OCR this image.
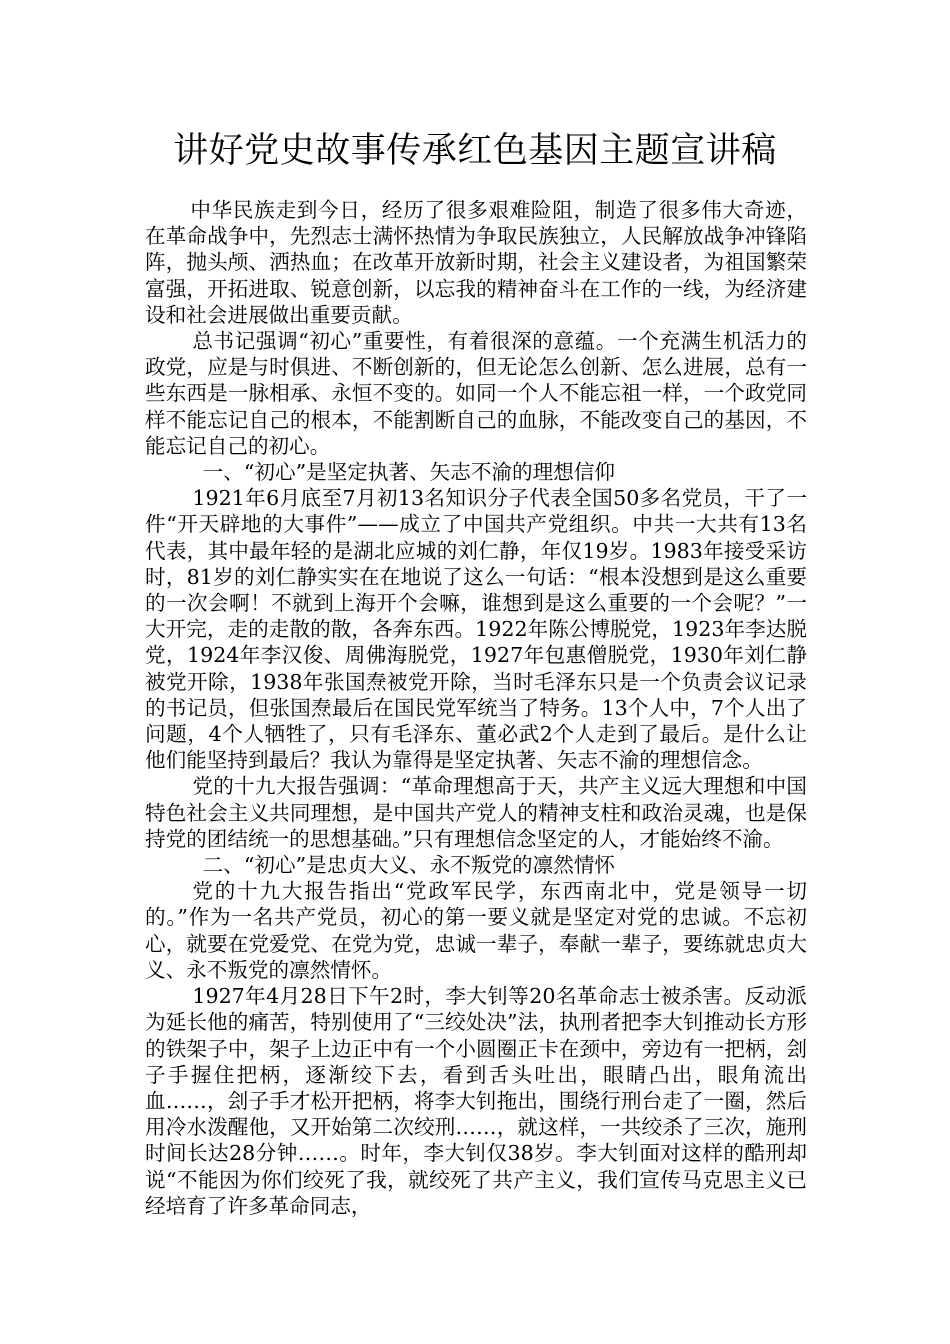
讲好党史故事传承红色基因主题宣讲稿

中华民族走到今日，经历了很多艰难险阻，制造了很多伟大奇迹，在革命战争中，先烈志士满怀热情为争取民族独立，人民解放战争冲锋陷阵，抛头颅、洒热血；在改革开放新时期，社会主义建设者，为祖国繁荣富强，开拓进取、锐意创新，以忘我的精神奋斗在工作的一线，为经济建设和社会进展做出重要贡献。

总书记强调“初心”重要性，有着很深的意蕴。一个充满生机活力的政党，应是与时俱进、不断创新的，但无论怎么创新、怎么进展，总有一些东西是一脉相承、永恒不变的。如同一个人不能忘祖一样，一个政党同样不能忘记自己的根本，不能割断自己的血脉，不能改变自己的基因，不能忘记自己的初心。

一、“初心”是坚定执著、矢志不渝的理想信仰

1921年6月底至7月初13名知识分子代表全国50多名党员，干了一件“开天辟地的大事件”——成立了中国共产党组织。中共一大共有13名代表，其中最年轻的是湖北应城的刘仁静，年仅19岁。1983年接受采访时，81岁的刘仁静实实在在地说了这么一句话：“根本没想到是这么重要的一次会啊！不就到上海开个会嘛，谁想到是这么重要的一个会呢？”一大开完，走的走散的散，各奔东西。1922年陈公博脱党，1923年李达脱党，1924年李汉俊、周佛海脱党，1927年包惠僧脱党，1930年刘仁静被党开除，1938年张国焘被党开除，当时毛泽东只是一个负责会议记录的书记员，但张国焘最后在国民党军统当了特务。13个人中，7个人出了问题，4个人牺牲了，只有毛泽东、董必武2个人走到了最后。是什么让他们能坚持到最后？我认为靠得是坚定执著、矢志不渝的理想信念。

党的十九大报告强调：“革命理想高于天，共产主义远大理想和中国特色社会主义共同理想，是中国共产党人的精神支柱和政治灵魂，也是保持党的团结统一的思想基础。”只有理想信念坚定的人，才能始终不渝。

二、“初心”是忠贞大义、永不叛党的凛然情怀

党的十九大报告指出“党政军民学，东西南北中，党是领导一切的。”作为一名共产党员，初心的第一要义就是坚定对党的忠诚。不忘初心，就要在党爱党、在党为党，忠诚一辈子，奉献一辈子，要练就忠贞大义、永不叛党的凛然情怀。

1927年4月28日下午2时，李大钊等20名革命志士被杀害。反动派为延长他的痛苦，特别使用了“三绞处决”法，执刑者把李大钊推动长方形的铁架子中，架子上边正中有一个小圆圈正卡在颈中，旁边有一把柄，刽子手握住把柄，逐渐绞下去，看到舌头吐出，眼睛凸出，眼角流出血……，刽子手才松开把柄，将李大钊拖出，围绕行刑台走了一圈，然后用冷水泼醒他，又开始第二次绞刑……，就这样，一共绞杀了三次，施刑时间长达28分钟……。时年，李大钊仅38岁。李大钊面对这样的酷刑却说“不能因为你们绞死了我，就绞死了共产主义，我们宣传马克思主义已经培育了许多革命同志，
